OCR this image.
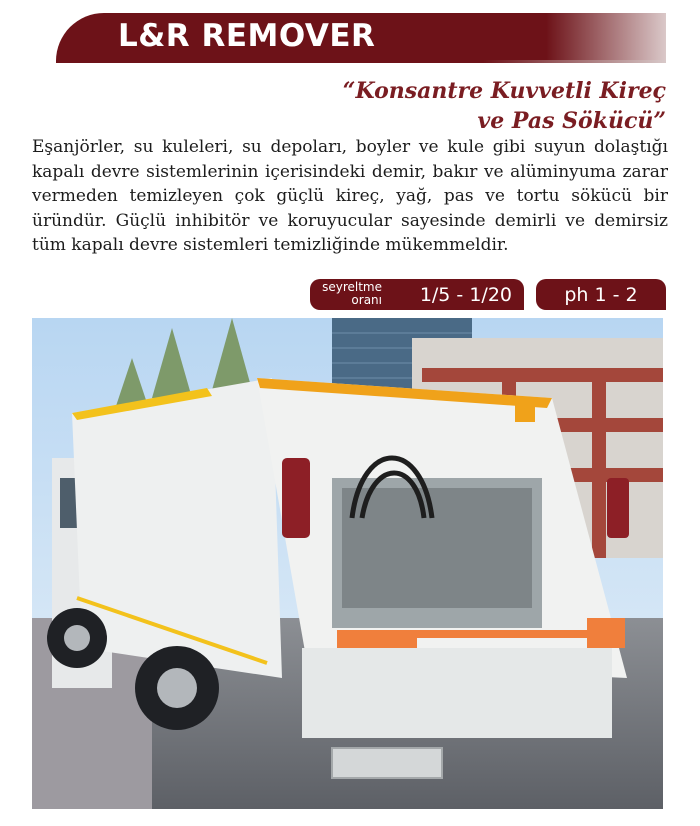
L&R REMOVER
“Konsantre Kuvvetli Kireç
ve Pas Sökücü”
Eşanjörler, su kuleleri, su depoları, boyler ve kule gibi suyun dolaştığı kapalı devre sistemlerinin içerisindeki demir, bakır ve alüminyuma zarar vermeden temizleyen çok güçlü kireç, yağ, pas ve tortu sökücü bir üründür. Güçlü inhibitör ve koruyucular sayesinde demirli ve demirsiz tüm kapalı devre sistemleri temizliğinde mükemmeldir.
seyreltme
oranı 1/5 - 1/20	ph 1 - 2
